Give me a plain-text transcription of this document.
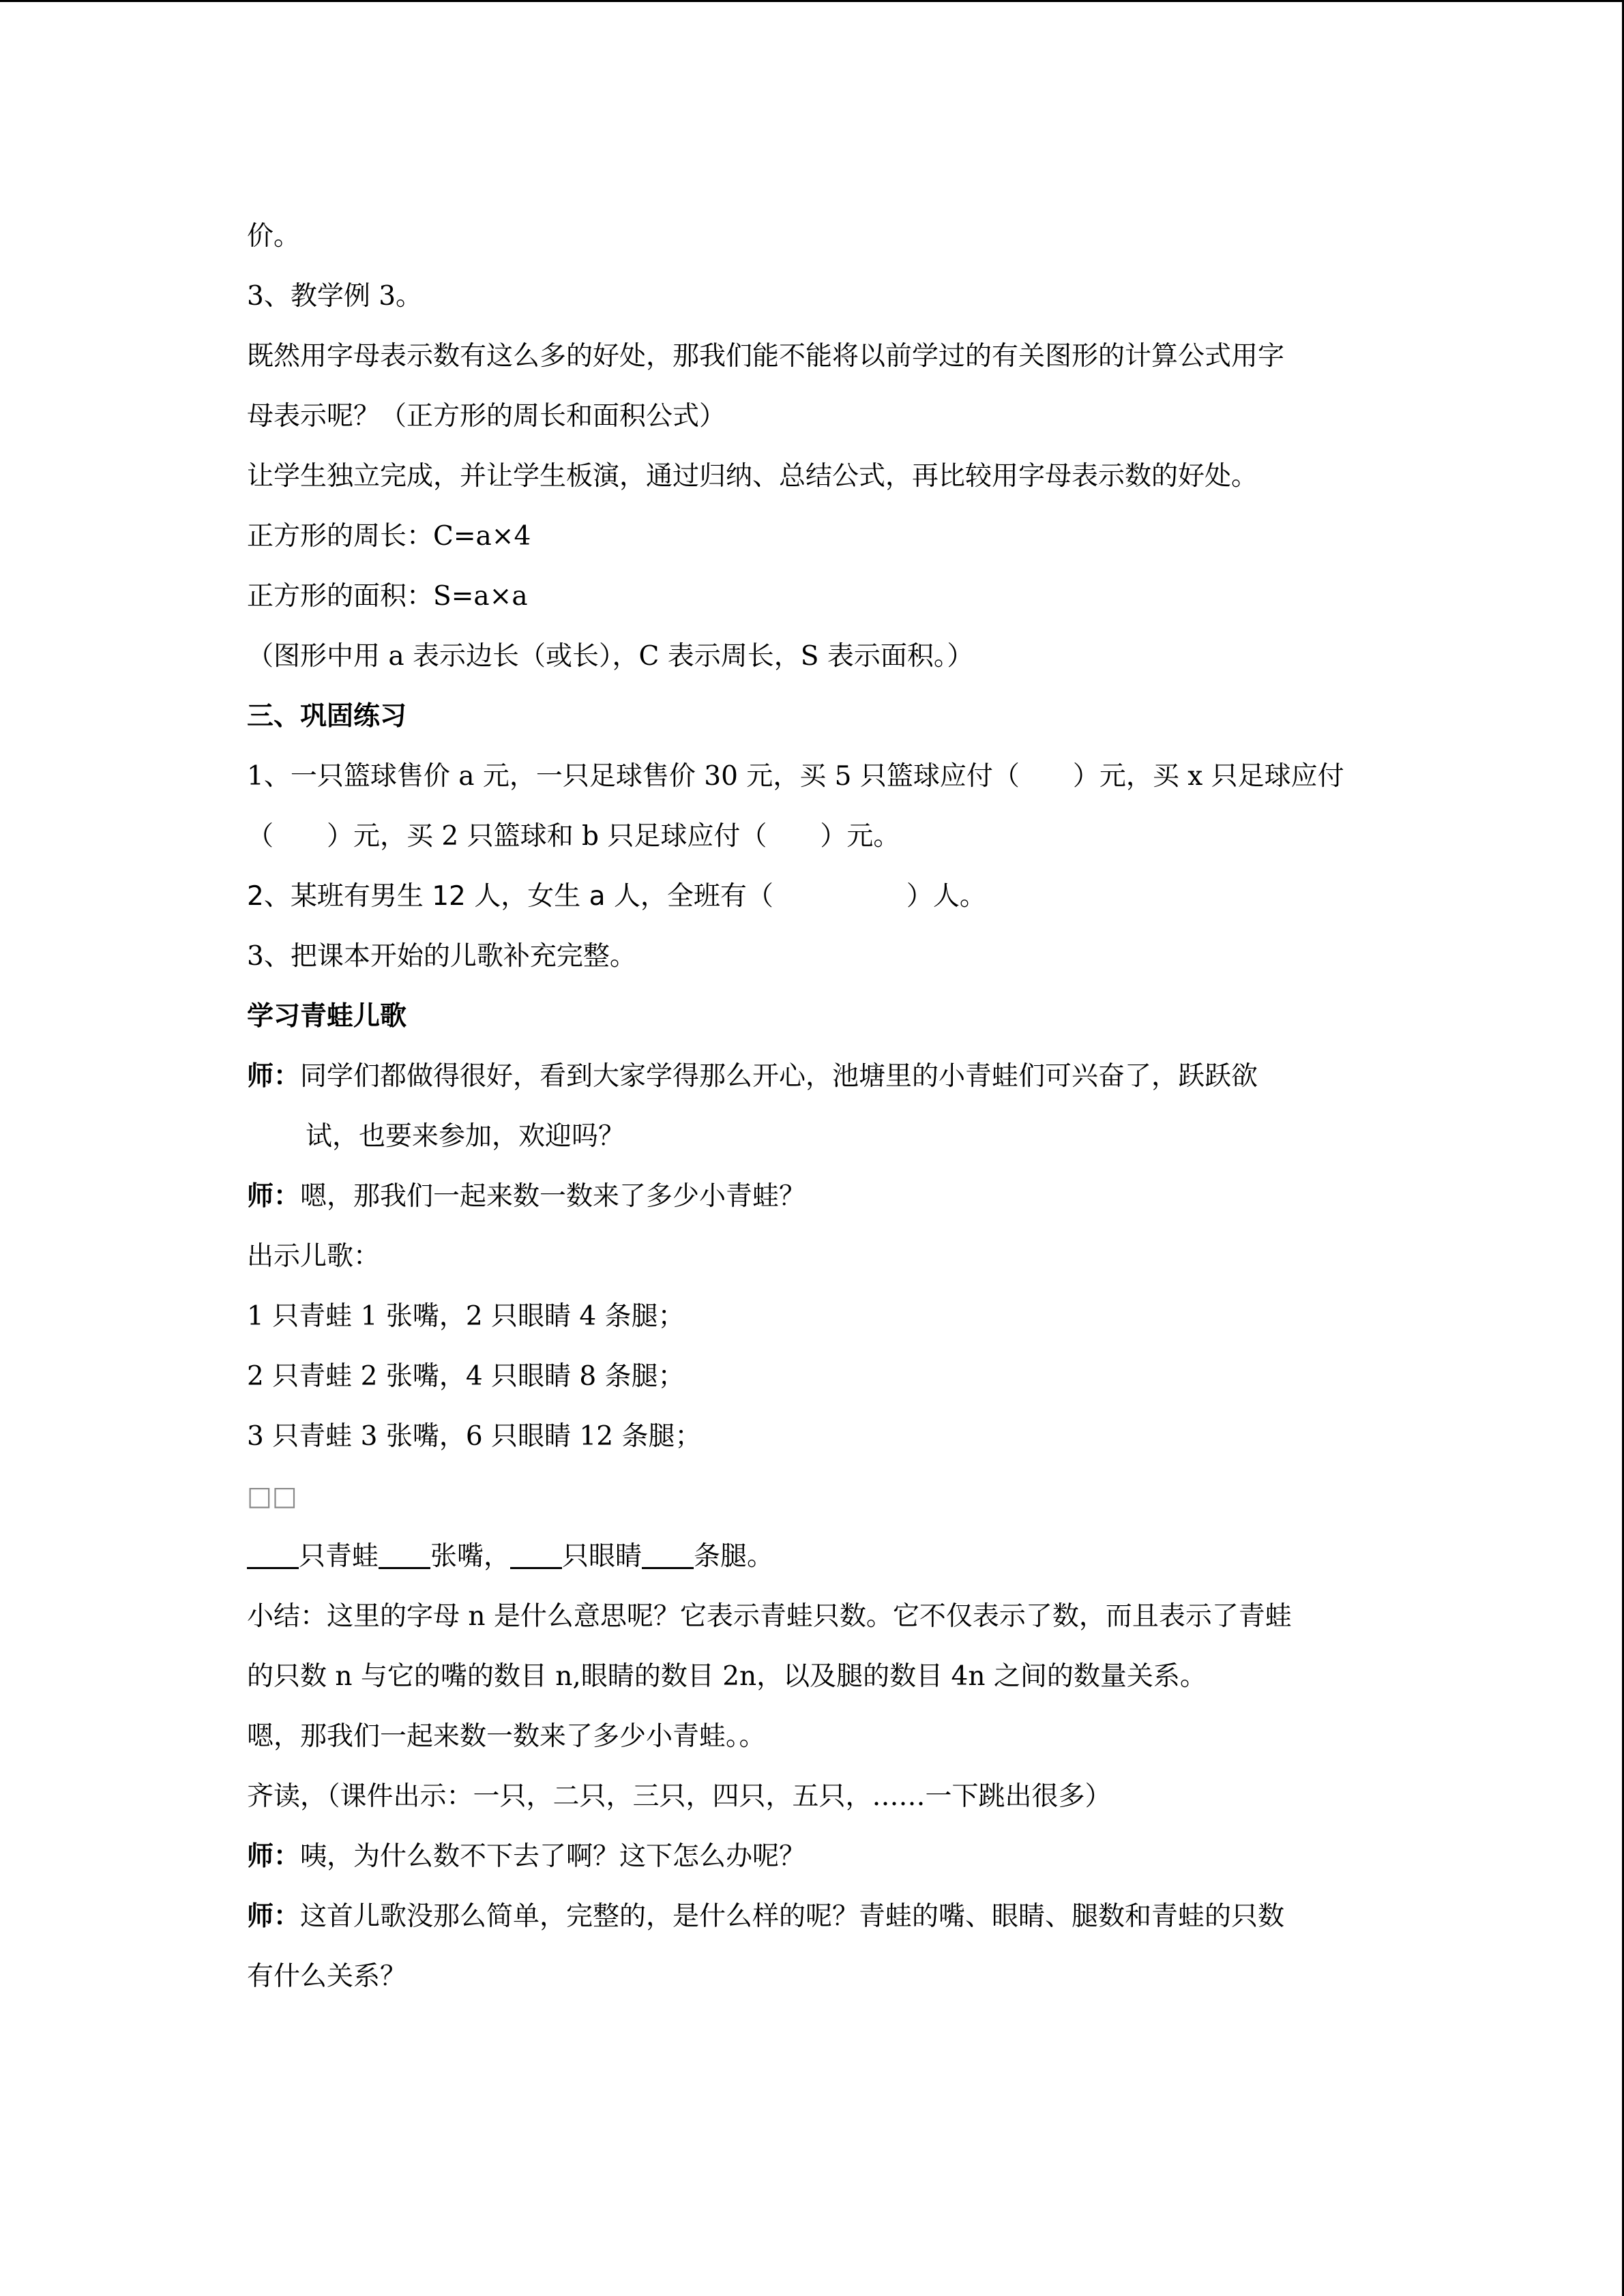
价。
3、教学例 3。
既然用字母表示数有这么多的好处，那我们能不能将以前学过的有关图形的计算公式用字
母表示呢？（正方形的周长和面积公式）
让学生独立完成，并让学生板演，通过归纳、总结公式，再比较用字母表示数的好处。
正方形的周长：C=a×4
正方形的面积：S=a×a
（图形中用 a 表示边长（或长），C 表示周长，S 表示面积。）
三、巩固练习
1、一只篮球售价 a 元，一只足球售价 30 元，买 5 只篮球应付（　　）元，买 x 只足球应付
（　　）元，买 2 只篮球和 b 只足球应付（　　）元。
2、某班有男生 12 人，女生 a 人，全班有（　　　　　）人。
3、把课本开始的儿歌补充完整。
学习青蛙儿歌
师：同学们都做得很好，看到大家学得那么开心，池塘里的小青蛙们可兴奋了，跃跃欲
试，也要来参加，欢迎吗？
师：嗯，那我们一起来数一数来了多少小青蛙？
出示儿歌：
1 只青蛙 1 张嘴，2 只眼睛 4 条腿；
2 只青蛙 2 张嘴，4 只眼睛 8 条腿；
3 只青蛙 3 张嘴，6 只眼睛 12 条腿；
□□
只青蛙 张嘴， 只眼睛 条腿。
小结：这里的字母 n 是什么意思呢？它表示青蛙只数。它不仅表示了数，而且表示了青蛙
的只数 n 与它的嘴的数目 n,眼睛的数目 2n，以及腿的数目 4n 之间的数量关系。
嗯，那我们一起来数一数来了多少小青蛙。。
齐读，（课件出示：一只，二只，三只，四只，五只，……一下跳出很多）
师：咦，为什么数不下去了啊？这下怎么办呢？
师：这首儿歌没那么简单，完整的，是什么样的呢？青蛙的嘴、眼睛、腿数和青蛙的只数
有什么关系？
